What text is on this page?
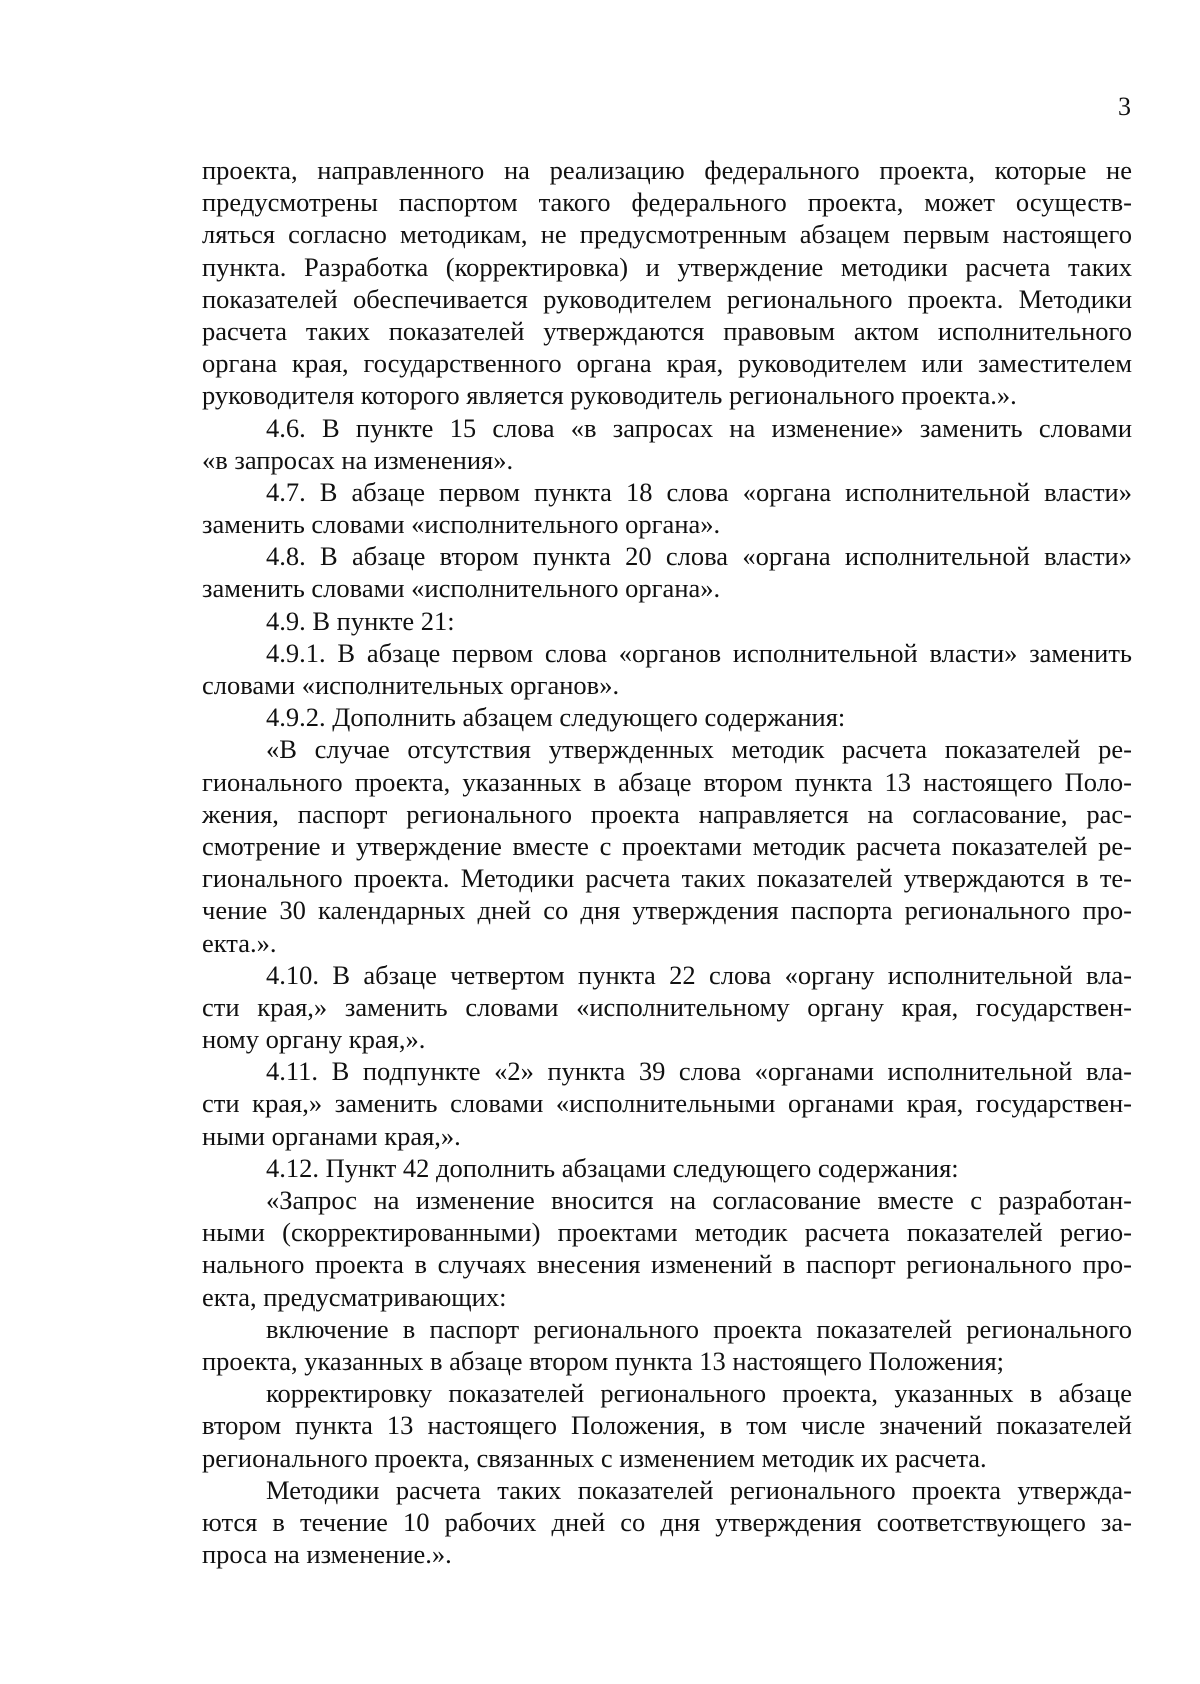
3
проекта, направленного на реализацию федерального проекта, которые не
предусмотрены паспортом такого федерального проекта, может осуществ-
ляться согласно методикам, не предусмотренным абзацем первым настоящего
пункта. Разработка (корректировка) и утверждение методики расчета таких
показателей обеспечивается руководителем регионального проекта. Методики
расчета таких показателей утверждаются правовым актом исполнительного
органа края, государственного органа края, руководителем или заместителем
руководителя которого является руководитель регионального проекта.».
4.6. В пункте 15 слова «в запросах на изменение» заменить словами
«в запросах на изменения».
4.7. В абзаце первом пункта 18 слова «органа исполнительной власти»
заменить словами «исполнительного органа».
4.8. В абзаце втором пункта 20 слова «органа исполнительной власти»
заменить словами «исполнительного органа».
4.9. В пункте 21:
4.9.1. В абзаце первом слова «органов исполнительной власти» заменить
словами «исполнительных органов».
4.9.2. Дополнить абзацем следующего содержания:
«В случае отсутствия утвержденных методик расчета показателей ре-
гионального проекта, указанных в абзаце втором пункта 13 настоящего Поло-
жения, паспорт регионального проекта направляется на согласование, рас-
смотрение и утверждение вместе с проектами методик расчета показателей ре-
гионального проекта. Методики расчета таких показателей утверждаются в те-
чение 30 календарных дней со дня утверждения паспорта регионального про-
екта.».
4.10. В абзаце четвертом пункта 22 слова «органу исполнительной вла-
сти края,» заменить словами «исполнительному органу края, государствен-
ному органу края,».
4.11. В подпункте «2» пункта 39 слова «органами исполнительной вла-
сти края,» заменить словами «исполнительными органами края, государствен-
ными органами края,».
4.12. Пункт 42 дополнить абзацами следующего содержания:
«Запрос на изменение вносится на согласование вместе с разработан-
ными (скорректированными) проектами методик расчета показателей регио-
нального проекта в случаях внесения изменений в паспорт регионального про-
екта, предусматривающих:
включение в паспорт регионального проекта показателей регионального
проекта, указанных в абзаце втором пункта 13 настоящего Положения;
корректировку показателей регионального проекта, указанных в абзаце
втором пункта 13 настоящего Положения, в том числе значений показателей
регионального проекта, связанных с изменением методик их расчета.
Методики расчета таких показателей регионального проекта утвержда-
ются в течение 10 рабочих дней со дня утверждения соответствующего за-
проса на изменение.».
